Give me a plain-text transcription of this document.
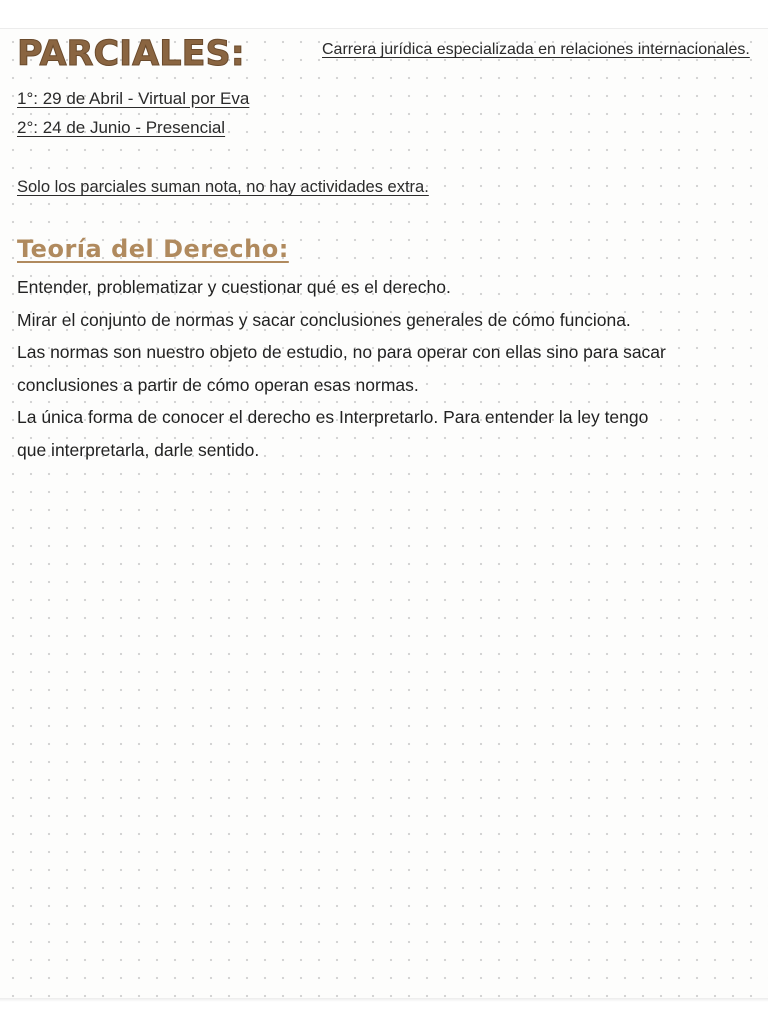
PARCIALES:	Carrera jurídica especializada en relaciones internacionales.
1°: 29 de Abril - Virtual por Eva
2°: 24 de Junio - Presencial
Solo los parciales suman nota, no hay actividades extra.
Teoría del Derecho:
Entender, problematizar y cuestionar qué es el derecho.
Mirar el conjunto de normas y sacar conclusiones generales de cómo funciona.
Las normas son nuestro objeto de estudio, no para operar con ellas sino para sacar
conclusiones a partir de cómo operan esas normas.
La única forma de conocer el derecho es Interpretarlo. Para entender la ley tengo
que interpretarla, darle sentido.
